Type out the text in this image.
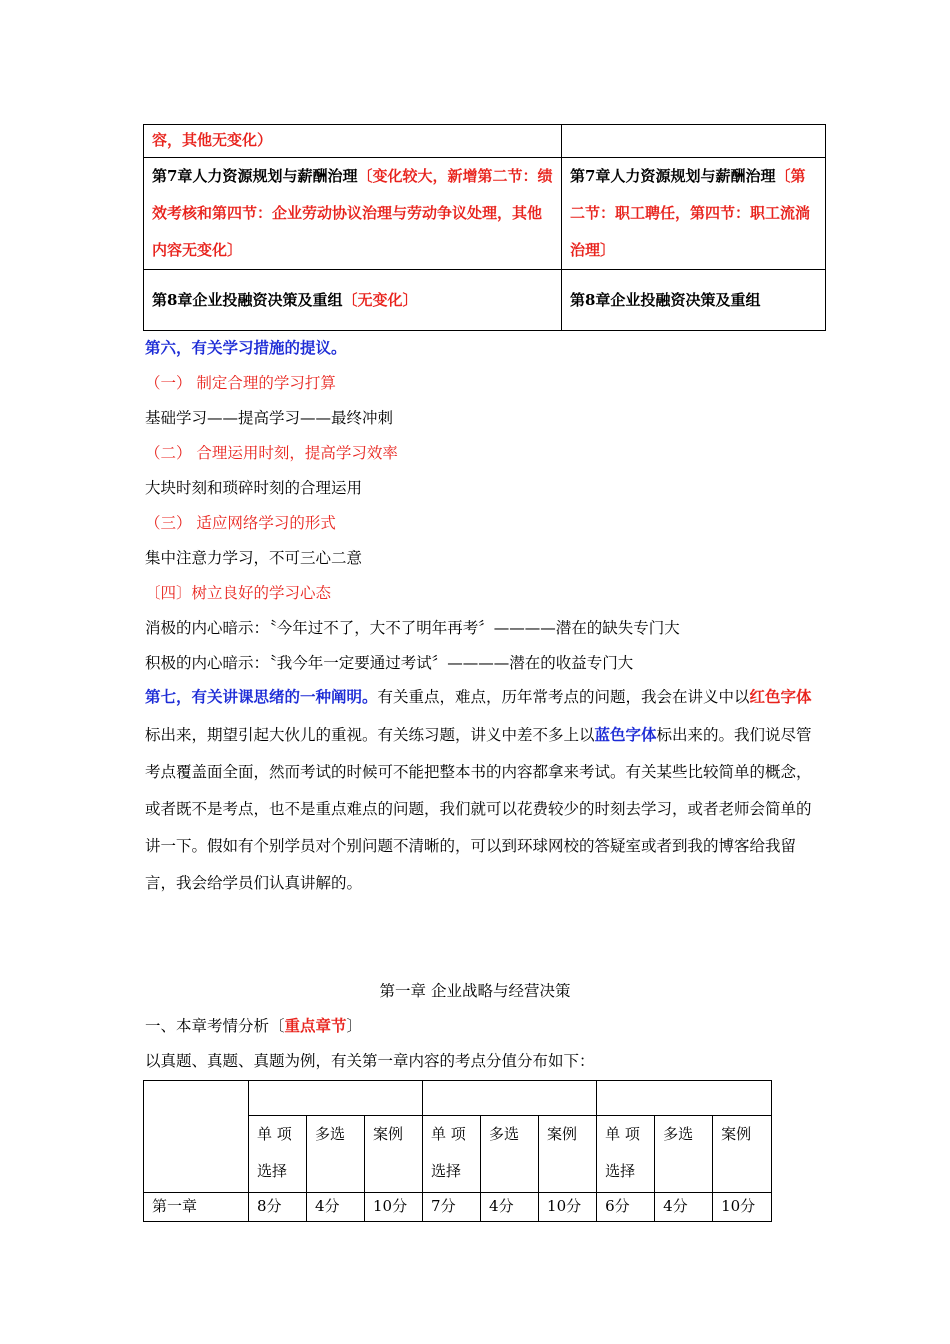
容，其他无变化）	
第7章人力资源规划与薪酬治理〔变化较大，新增第二节：绩效考核和第四节：企业劳动协议治理与劳动争议处理，其他内容无变化〕	第7章人力资源规划与薪酬治理〔第二节：职工聘任，第四节：职工流淌治理〕
第8章企业投融资决策及重组〔无变化〕	第8章企业投融资决策及重组
第六，有关学习措施的提议。
（一） 制定合理的学习打算
基础学习——提高学习——最终冲刺
（二） 合理运用时刻，提高学习效率
大块时刻和琐碎时刻的合理运用
（三） 适应网络学习的形式
集中注意力学习，不可三心二意
〔四〕树立良好的学习心态
消极的内心暗示：〝今年过不了，大不了明年再考〞————潜在的缺失专门大
积极的内心暗示：〝我今年一定要通过考试〞————潜在的收益专门大
第七，有关讲课思绪的一种阐明。有关重点，难点，历年常考点的问题，我会在讲义中以红色字体标出来，期望引起大伙儿的重视。有关练习题，讲义中差不多上以蓝色字体标出来的。我们说尽管考点覆盖面全面，然而考试的时候可不能把整本书的内容都拿来考试。有关某些比较简单的概念，或者既不是考点，也不是重点难点的问题，我们就可以花费较少的时刻去学习，或者老师会简单的讲一下。假如有个别学员对个别问题不清晰的，可以到环球网校的答疑室或者到我的博客给我留言，我会给学员们认真讲解的。
第一章 企业战略与经营决策
一、本章考情分析〔重点章节〕
以真题、真题、真题为例，有关第一章内容的考点分值分布如下：

	单 项 选择	多选	案例	单 项 选择	多选	案例	单 项 选择	多选	案例
第一章	8分	4分	10分	7分	4分	10分	6分	4分	10分
